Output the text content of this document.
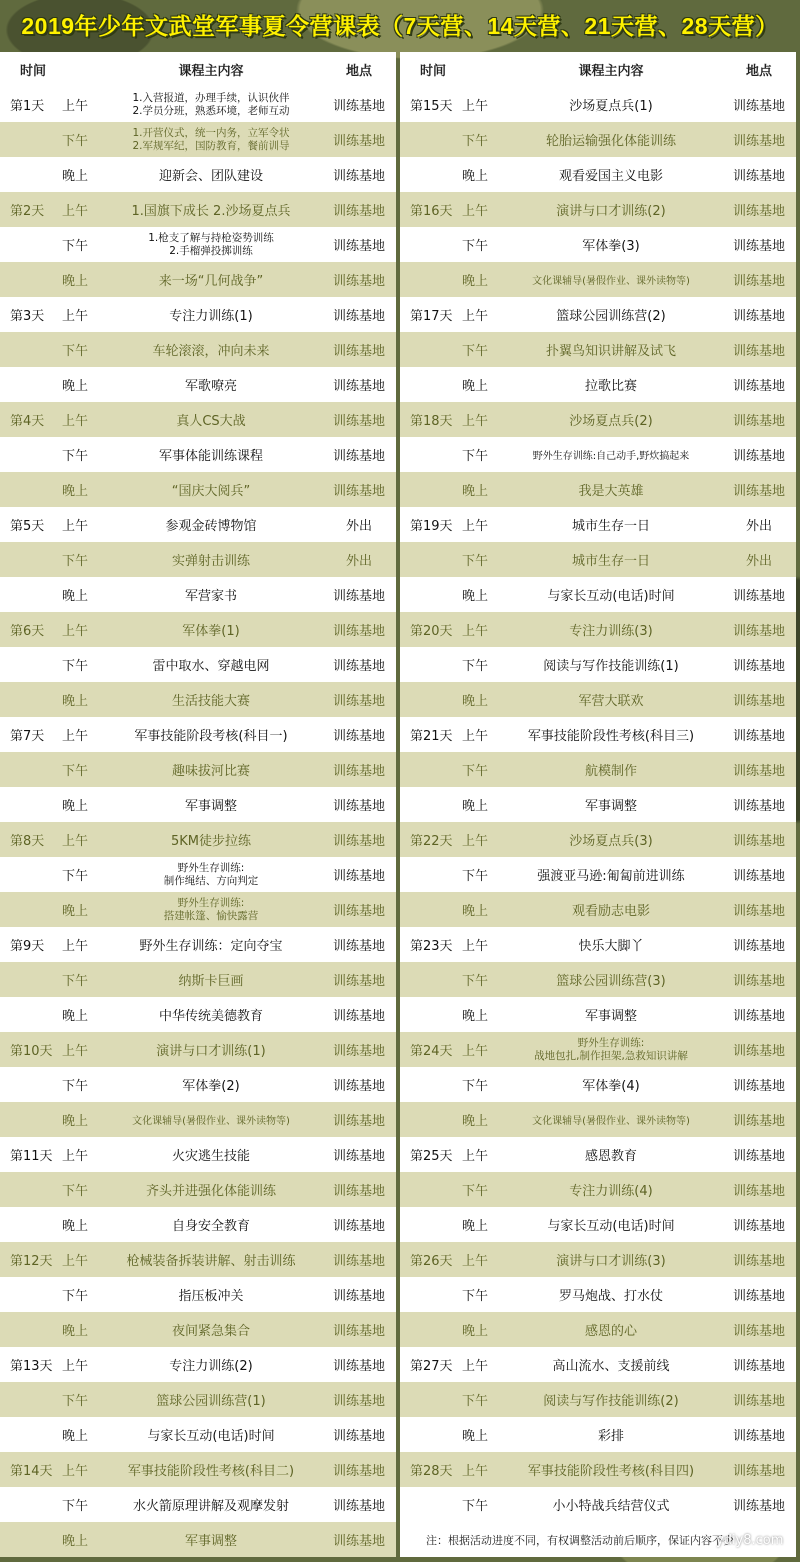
2019年少年文武堂军事夏令营课表（7天营、14天营、21天营、28天营）
时间	课程主内容	地点
第1天	上午
1.入营报道，办理手续，认识伙伴
2.学员分班，熟悉环境，老师互动	训练基地
下午
1.开营仪式，统一内务，立军令状
2.军规军纪，国防教育，餐前训导	训练基地
晚上	迎新会、团队建设	训练基地
第2天	上午	1.国旗下成长 2.沙场夏点兵	训练基地
下午
1.枪支了解与持枪姿势训练
2.手榴弹投掷训练	训练基地
晚上	来一场“几何战争”	训练基地
第3天	上午	专注力训练(1)	训练基地
下午	车轮滚滚，冲向未来	训练基地
晚上	军歌嘹亮	训练基地
第4天	上午	真人CS大战	训练基地
下午	军事体能训练课程	训练基地
晚上	“国庆大阅兵”	训练基地
第5天	上午	参观金砖博物馆	外出
下午	实弹射击训练	外出
晚上	军营家书	训练基地
第6天	上午	军体拳(1)	训练基地
下午	雷中取水、穿越电网	训练基地
晚上	生活技能大赛	训练基地
第7天	上午	军事技能阶段考核(科目一)	训练基地
下午	趣味拔河比赛	训练基地
晚上	军事调整	训练基地
第8天	上午	5KM徒步拉练	训练基地
下午
野外生存训练:
制作绳结、方向判定	训练基地
晚上
野外生存训练:
搭建帐篷、愉快露营	训练基地
第9天	上午	野外生存训练：定向夺宝	训练基地
下午	纳斯卡巨画	训练基地
晚上	中华传统美德教育	训练基地
第10天 上午	演讲与口才训练(1)	训练基地
下午	军体拳(2)	训练基地
晚上	文化课辅导(暑假作业、课外读物等)	训练基地
第11天 上午	火灾逃生技能	训练基地
下午	齐头并进强化体能训练	训练基地
晚上	自身安全教育	训练基地
第12天 上午	枪械装备拆装讲解、射击训练	训练基地
下午	指压板冲关	训练基地
晚上	夜间紧急集合	训练基地
第13天 上午	专注力训练(2)	训练基地
下午	篮球公园训练营(1)	训练基地
晚上	与家长互动(电话)时间	训练基地
第14天 上午	军事技能阶段性考核(科目二)	训练基地
下午	水火箭原理讲解及观摩发射	训练基地
晚上	军事调整	训练基地
时间	课程主内容	地点
第15天 上午	沙场夏点兵(1)	训练基地
下午	轮胎运输强化体能训练	训练基地
晚上	观看爱国主义电影	训练基地
第16天 上午	演讲与口才训练(2)	训练基地
下午	军体拳(3)	训练基地
晚上	文化课辅导(暑假作业、课外读物等)	训练基地
第17天 上午	篮球公园训练营(2)	训练基地
下午	扑翼鸟知识讲解及试飞	训练基地
晚上	拉歌比赛	训练基地
第18天 上午	沙场夏点兵(2)	训练基地
下午	野外生存训练:自己动手,野炊搞起来	训练基地
晚上	我是大英雄	训练基地
第19天 上午	城市生存一日	外出
下午	城市生存一日	外出
晚上	与家长互动(电话)时间	训练基地
第20天 上午	专注力训练(3)	训练基地
下午	阅读与写作技能训练(1)	训练基地
晚上	军营大联欢	训练基地
第21天 上午	军事技能阶段性考核(科目三)	训练基地
下午	航模制作	训练基地
晚上	军事调整	训练基地
第22天 上午	沙场夏点兵(3)	训练基地
下午	强渡亚马逊:匍匐前进训练	训练基地
晚上	观看励志电影	训练基地
第23天 上午	快乐大脚丫	训练基地
下午	篮球公园训练营(3)	训练基地
晚上	军事调整	训练基地
第24天 上午
野外生存训练:
战地包扎,制作担架,急救知识讲解	训练基地
下午	军体拳(4)	训练基地
晚上	文化课辅导(暑假作业、课外读物等)	训练基地
第25天 上午	感恩教育	训练基地
下午	专注力训练(4)	训练基地
晚上	与家长互动(电话)时间	训练基地
第26天 上午	演讲与口才训练(3)	训练基地
下午	罗马炮战、打水仗	训练基地
晚上	感恩的心	训练基地
第27天 上午	高山流水、支援前线	训练基地
下午	阅读与写作技能训练(2)	训练基地
晚上	彩排	训练基地
第28天 上午	军事技能阶段性考核(科目四)	训练基地
下午	小小特战兵结营仪式	训练基地
注：根据活动进度不同，有权调整活动前后顺序，保证内容不少
ydiy8.com
